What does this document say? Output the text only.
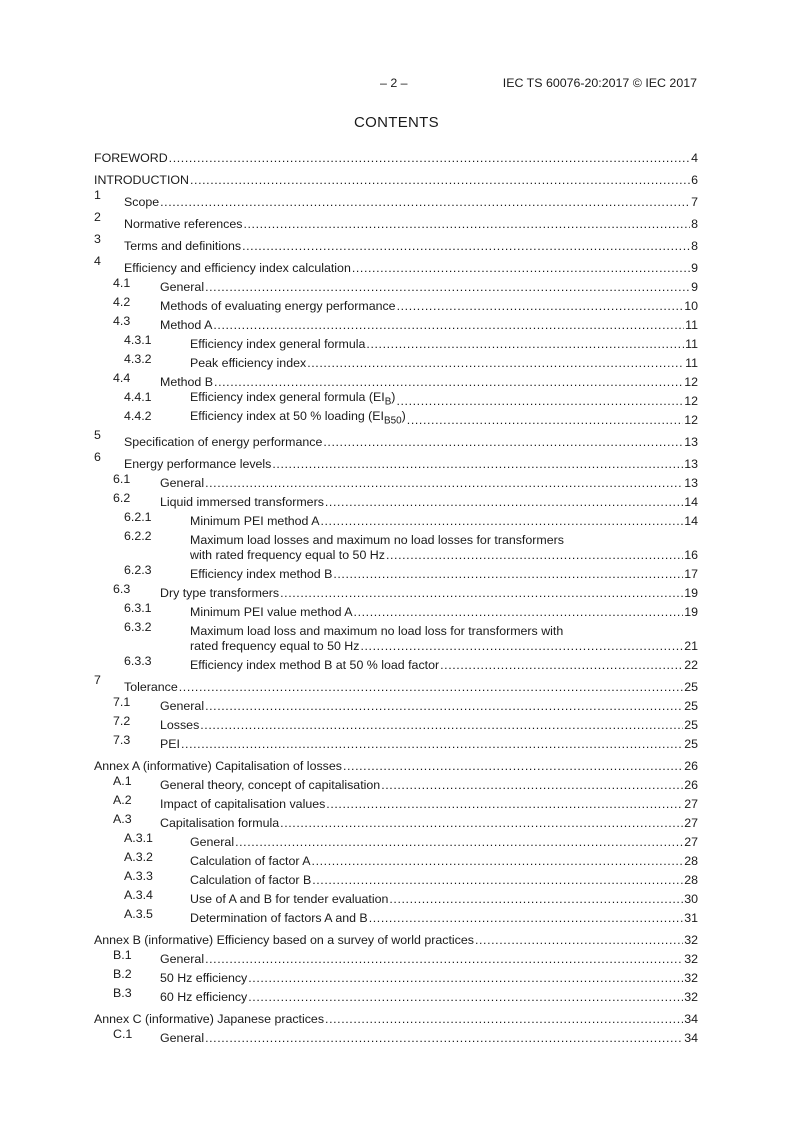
– 2 –	IEC TS 60076-20:2017 © IEC 2017
CONTENTS
FOREWORD .....	4
INTRODUCTION .....	6
1 Scope .....	7
2 Normative references .....	8
3 Terms and definitions .....	8
4 Efficiency and efficiency index calculation .....	9
4.1 General .....	9
4.2 Methods of evaluating energy performance .....	10
4.3 Method A .....	11
4.3.1	Efficiency index general formula .....	11
4.3.2	Peak efficiency index .....	11
4.4 Method B .....	12
4.4.1	Efficiency index general formula $(EI_B)$ .....	12
4.4.2	Efficiency index at 50 % loading $(EI_{B50})$ .....	12
5 Specification of energy performance .....	13
6 Energy performance levels .....	13
6.1 General .....	13
6.2 Liquid immersed transformers .....	14
6.2.1	Minimum PEI method A .....	14
6.2.2	Maximum load losses and maximum no load losses for transformers
with rated frequency equal to 50 Hz .....	16
6.2.3	Efficiency index method B .....	17
6.3 Dry type transformers .....	19
6.3.1	Minimum PEI value method A .....	19
6.3.2	Maximum load loss and maximum no load loss for transformers with
rated frequency equal to 50 Hz .....	21
6.3.3	Efficiency index method B at 50 % load factor .....	22
7 Tolerance .....	25
7.1 General .....	25
7.2 Losses .....	25
7.3 PEI .....	25
Annex A (informative) Capitalisation of losses .....	26
A.1 General theory, concept of capitalisation .....	26
A.2 Impact of capitalisation values .....	27
A.3 Capitalisation formula .....	27
A.3.1	General .....	27
A.3.2	Calculation of factor A .....	28
A.3.3	Calculation of factor B .....	28
A.3.4	Use of A and B for tender evaluation .....	30
A.3.5	Determination of factors A and B .....	31
Annex B (informative) Efficiency based on a survey of world practices .....	32
B.1 General .....	32
B.2 50 Hz efficiency .....	32
B.3 60 Hz efficiency .....	32
Annex C (informative) Japanese practices .....	34
C.1 General .....	34
